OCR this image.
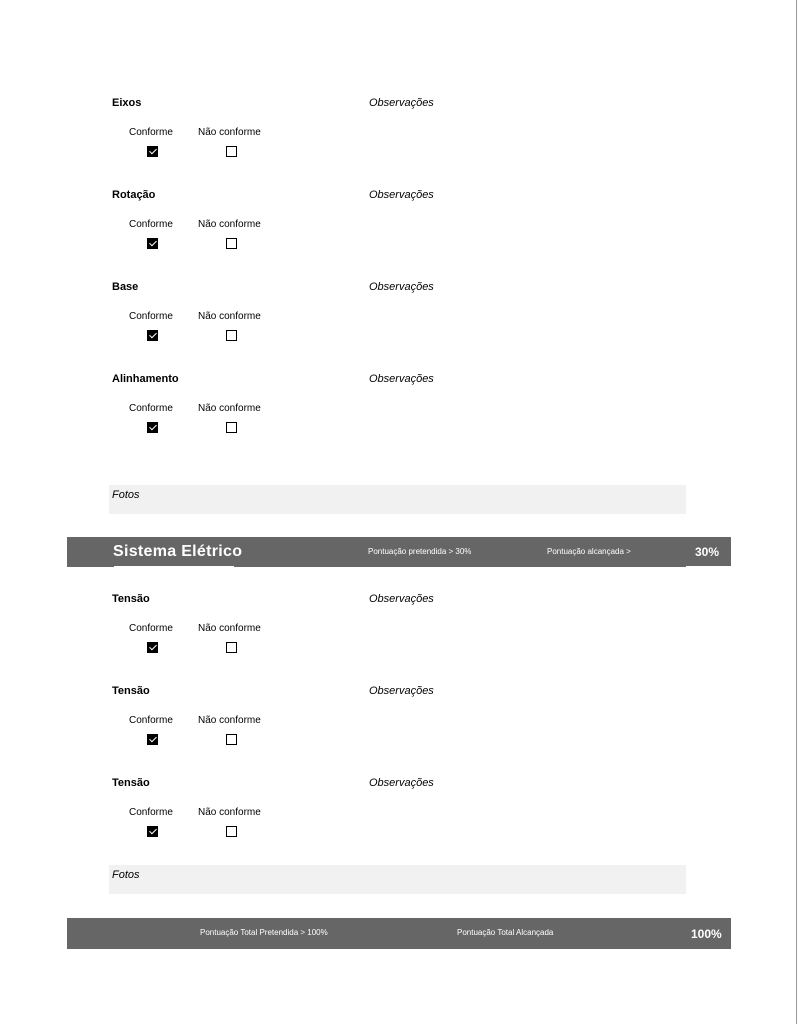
Eixos	Observações
Conforme	Não conforme
Rotação	Observações
Conforme	Não conforme
Base	Observações
Conforme	Não conforme
Alinhamento	Observações
Conforme	Não conforme
Fotos
Sistema Elétrico	Pontuação pretendida > 30%	Pontuação alcançada >	30%
Tensão	Observações
Conforme	Não conforme
Tensão	Observações
Conforme	Não conforme
Tensão	Observações
Conforme	Não conforme
Fotos
Pontuação Total Pretendida > 100%	Pontuação Total Alcançada	100%
